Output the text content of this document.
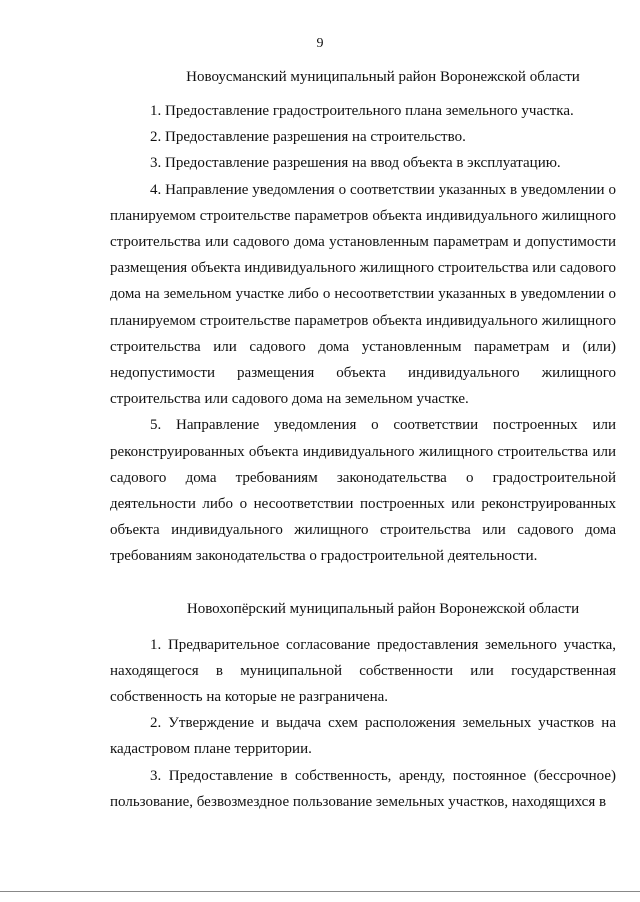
9

Новоусманский муниципальный район Воронежской области

1. Предоставление градостроительного плана земельного участка.

2. Предоставление разрешения на строительство.

3. Предоставление разрешения на ввод объекта в эксплуатацию.

4. Направление уведомления о соответствии указанных в уведомлении о планируемом строительстве параметров объекта индивидуального жилищного строительства или садового дома установленным параметрам и допустимости размещения объекта индивидуального жилищного строительства или садового дома на земельном участке либо о несоответствии указанных в уведомлении о планируемом строительстве параметров объекта индивидуального жилищного строительства или садового дома установленным параметрам и (или) недопустимости размещения объекта индивидуального жилищного строительства или садового дома на земельном участке.

5. Направление уведомления о соответствии построенных или реконструированных объекта индивидуального жилищного строительства или садового дома требованиям законодательства о градостроительной деятельности либо о несоответствии построенных или реконструированных объекта индивидуального жилищного строительства или садового дома требованиям законодательства о градостроительной деятельности.

Новохопёрский муниципальный район Воронежской области

1. Предварительное согласование предоставления земельного участка, находящегося в муниципальной собственности или государственная собственность на которые не разграничена.

2. Утверждение и выдача схем расположения земельных участков на кадастровом плане территории.

3. Предоставление в собственность, аренду, постоянное (бессрочное) пользование, безвозмездное пользование земельных участков, находящихся в
